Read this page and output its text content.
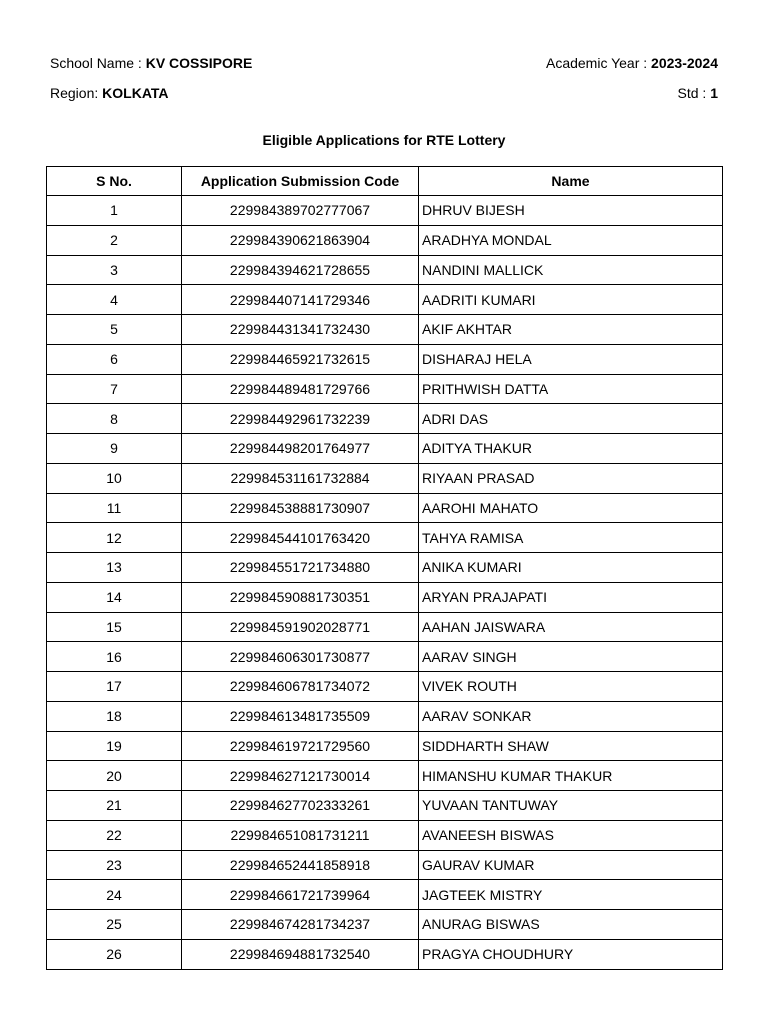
School Name : KV COSSIPORE	Academic Year : 2023-2024
Region: KOLKATA	Std : 1
Eligible Applications for RTE Lottery
S No.	Application Submission Code	Name
1	229984389702777067	DHRUV BIJESH
2	229984390621863904	ARADHYA MONDAL
3	229984394621728655	NANDINI MALLICK
4	229984407141729346	AADRITI KUMARI
5	229984431341732430	AKIF AKHTAR
6	229984465921732615	DISHARAJ HELA
7	229984489481729766	PRITHWISH DATTA
8	229984492961732239	ADRI DAS
9	229984498201764977	ADITYA THAKUR
10	229984531161732884	RIYAAN PRASAD
11	229984538881730907	AAROHI MAHATO
12	229984544101763420	TAHYA RAMISA
13	229984551721734880	ANIKA KUMARI
14	229984590881730351	ARYAN PRAJAPATI
15	229984591902028771	AAHAN JAISWARA
16	229984606301730877	AARAV SINGH
17	229984606781734072	VIVEK ROUTH
18	229984613481735509	AARAV SONKAR
19	229984619721729560	SIDDHARTH SHAW
20	229984627121730014	HIMANSHU KUMAR THAKUR
21	229984627702333261	YUVAAN TANTUWAY
22	229984651081731211	AVANEESH BISWAS
23	229984652441858918	GAURAV KUMAR
24	229984661721739964	JAGTEEK MISTRY
25	229984674281734237	ANURAG BISWAS
26	229984694881732540	PRAGYA CHOUDHURY
